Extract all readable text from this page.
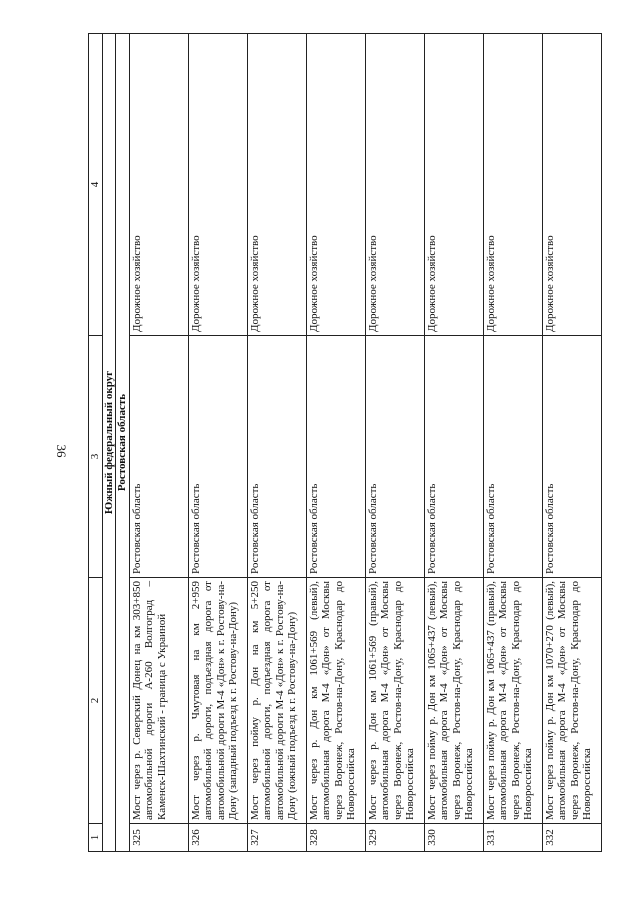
36
1	2	3	4
Южный федеральный округ			
Ростовская область			
325	Мост через р. Северский Донец на км 303+850 автомобильной дороги А-260 Волгоград – Каменск-Шахтинский - граница с Украиной	Ростовская область	Дорожное хозяйство
326	Мост через р. Чмутовая на км 2+959 автомобильной дороги, подъездная дорога от автомобильной дороги М-4 «Дон» к г. Ростову-на-Дону (западный подъезд к г. Ростову-на-Дону)	Ростовская область	Дорожное хозяйство
327	Мост через пойму р. Дон на км 5+250 автомобильной дороги, подъездная дорога от автомобильной дороги М-4 «Дон» к г. Ростову-на-Дону (южный подъезд к г. Ростову-на-Дону)	Ростовская область	Дорожное хозяйство
328	Мост через р. Дон км 1061+569 (левый), автомобильная дорога М-4 «Дон» от Москвы через Воронеж, Ростов-на-Дону, Краснодар до Новороссийска	Ростовская область	Дорожное хозяйство
329	Мост через р. Дон км 1061+569 (правый), автомобильная дорога М-4 «Дон» от Москвы через Воронеж, Ростов-на-Дону, Краснодар до Новороссийска	Ростовская область	Дорожное хозяйство
330	Мост через пойму р. Дон км 1065+437 (левый), автомобильная дорога М-4 «Дон» от Москвы через Воронеж, Ростов-на-Дону, Краснодар до Новороссийска	Ростовская область	Дорожное хозяйство
331	Мост через пойму р. Дон км 1065+437 (правый), автомобильная дорога М-4 «Дон» от Москвы через Воронеж, Ростов-на-Дону, Краснодар до Новороссийска	Ростовская область	Дорожное хозяйство
332	Мост через пойму р. Дон км 1070+270 (левый), автомобильная дорога М-4 «Дон» от Москвы через Воронеж, Ростов-на-Дону, Краснодар до Новороссийска	Ростовская область	Дорожное хозяйство
